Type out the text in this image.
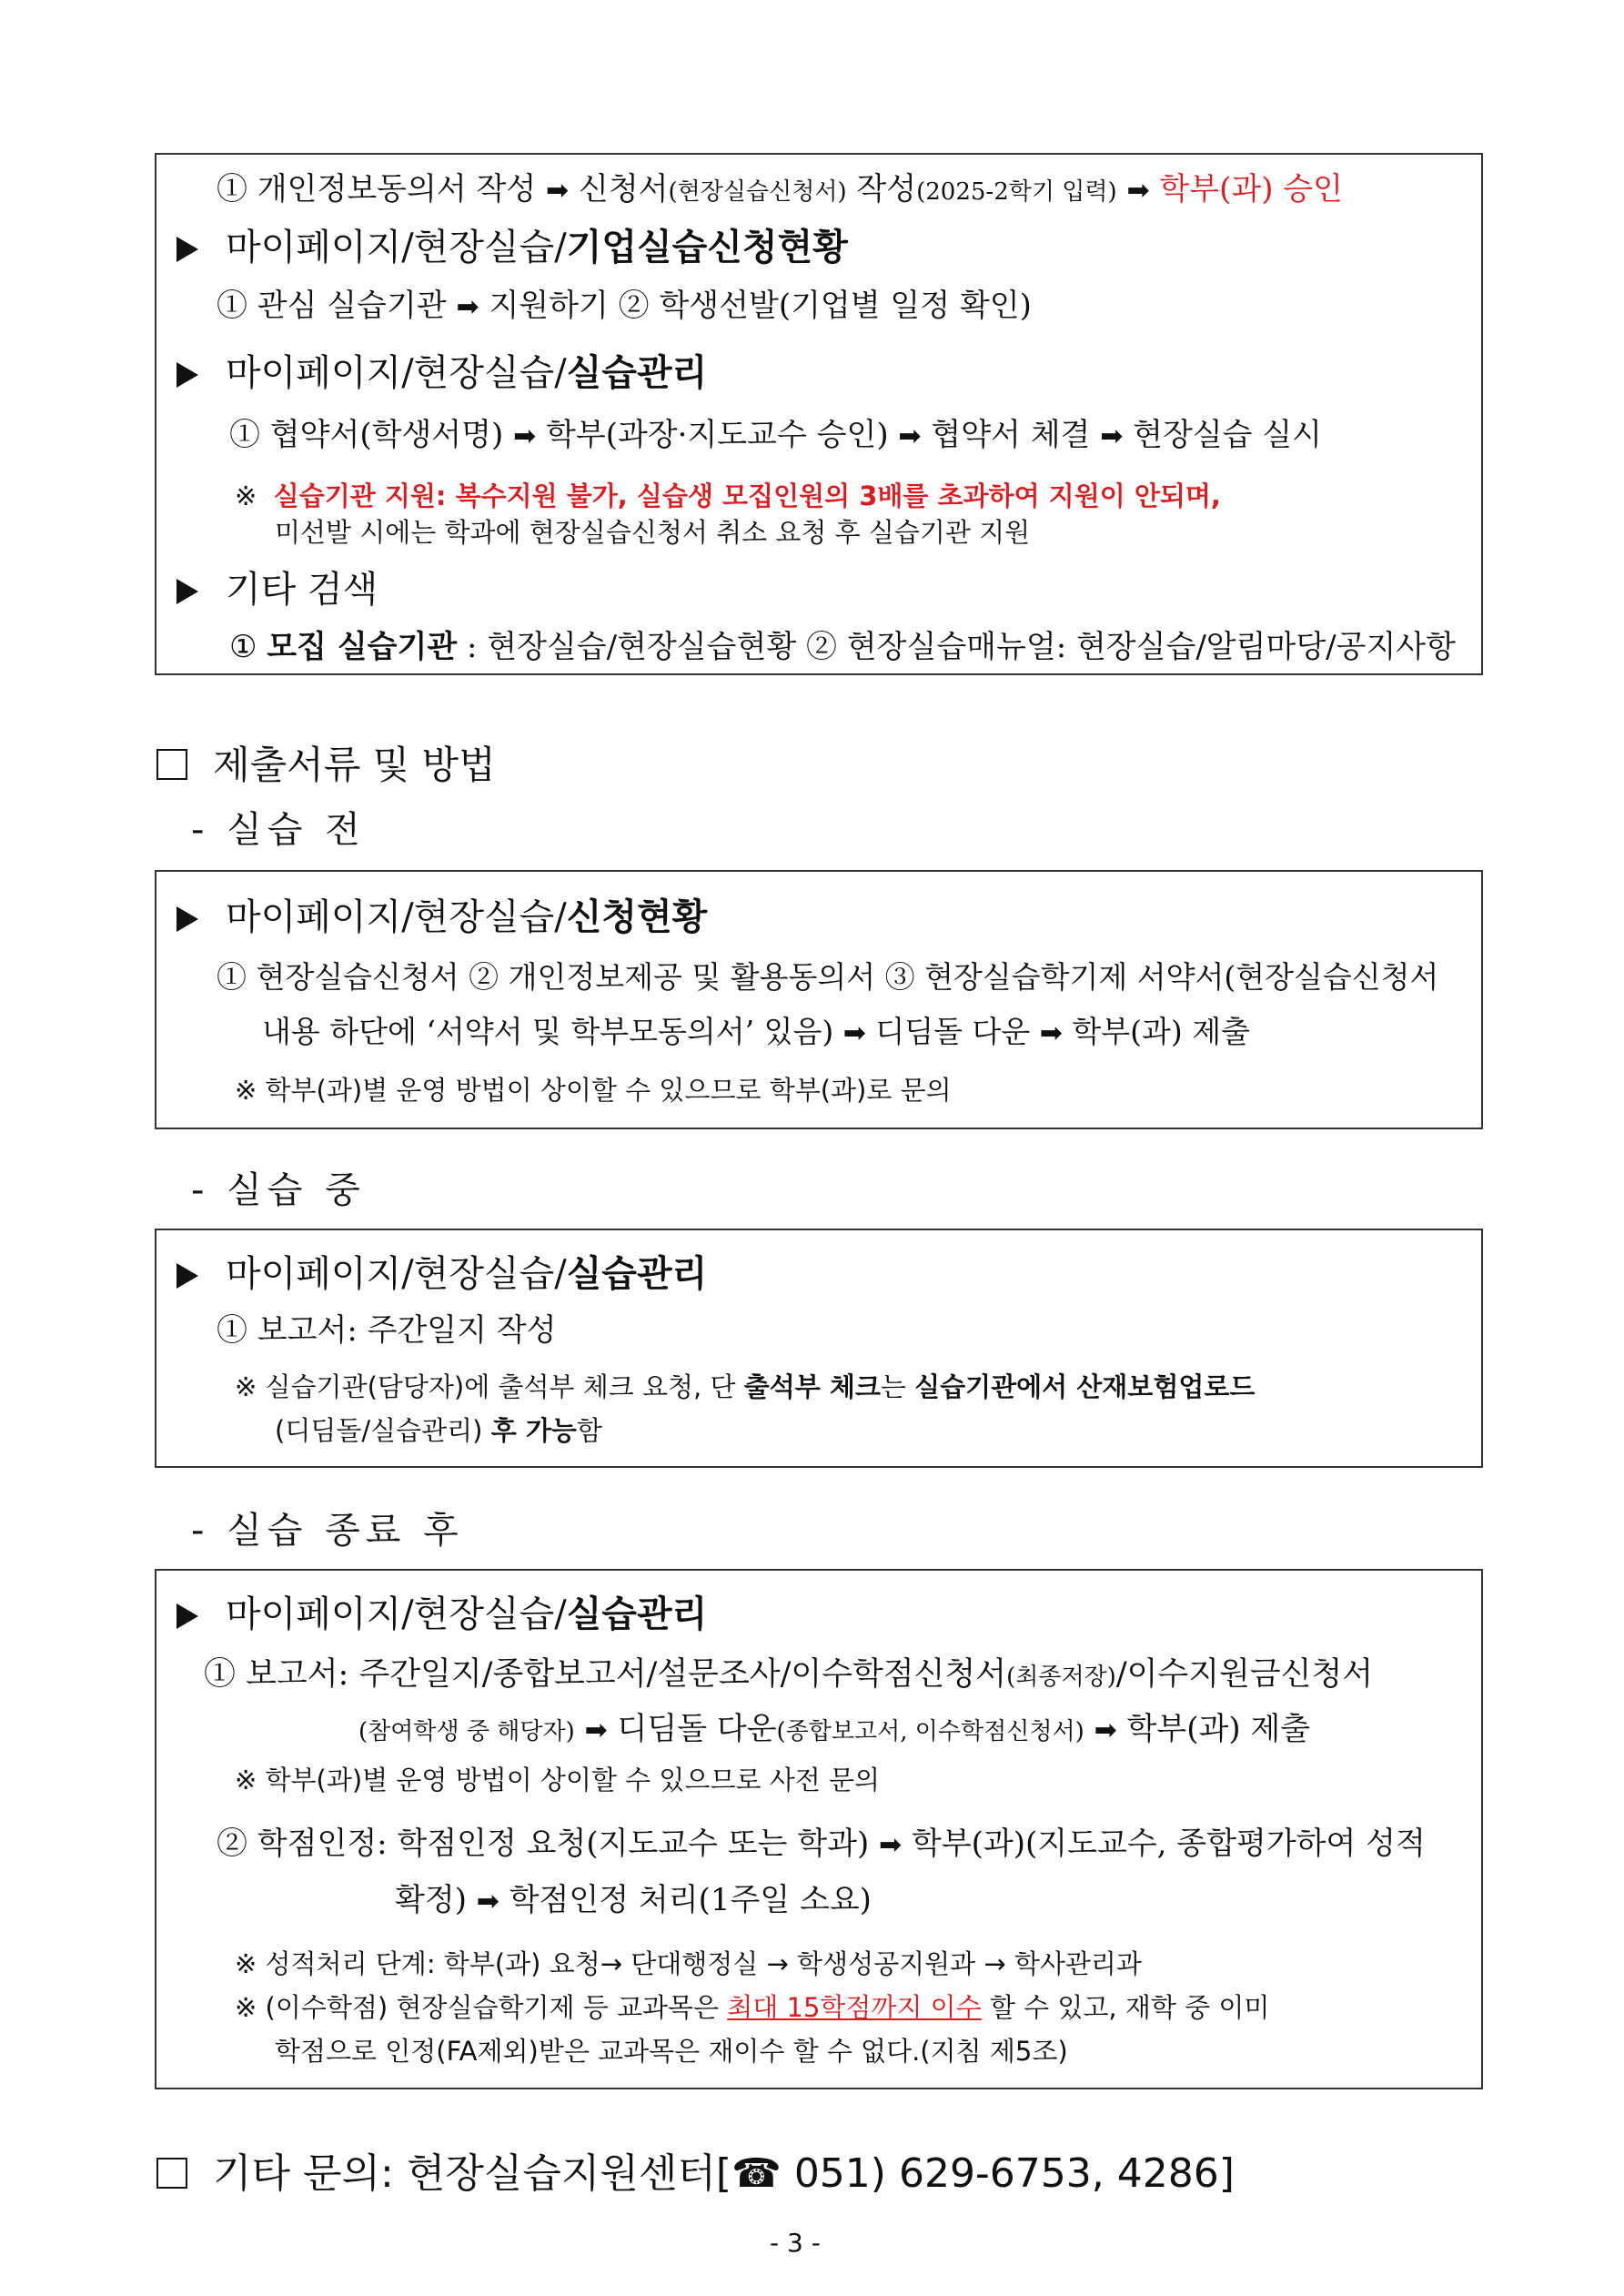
① 개인정보동의서 작성 ➡ 신청서(현장실습신청서) 작성(2025-2학기 입력) ➡ 학부(과) 승인
마이페이지/현장실습/기업실습신청현황
① 관심 실습기관 ➡ 지원하기 ② 학생선발(기업별 일정 확인)
마이페이지/현장실습/실습관리
① 협약서(학생서명) ➡ 학부(과장·지도교수 승인) ➡ 협약서 체결 ➡ 현장실습 실시
※ 실습기관 지원: 복수지원 불가, 실습생 모집인원의 3배를 초과하여 지원이 안되며,
미선발 시에는 학과에 현장실습신청서 취소 요청 후 실습기관 지원
기타 검색
① 모집 실습기관 : 현장실습/현장실습현황 ② 현장실습매뉴얼: 현장실습/알림마당/공지사항
제출서류 및 방법
- 실습 전
마이페이지/현장실습/신청현황
① 현장실습신청서 ② 개인정보제공 및 활용동의서 ③ 현장실습학기제 서약서(현장실습신청서
내용 하단에 ‘서약서 및 학부모동의서’ 있음) ➡ 디딤돌 다운 ➡ 학부(과) 제출
※ 학부(과)별 운영 방법이 상이할 수 있으므로 학부(과)로 문의
- 실습 중
마이페이지/현장실습/실습관리
① 보고서: 주간일지 작성
※ 실습기관(담당자)에 출석부 체크 요청, 단 출석부 체크는 실습기관에서 산재보험업로드
(디딤돌/실습관리) 후 가능함
- 실습 종료 후
마이페이지/현장실습/실습관리
① 보고서: 주간일지/종합보고서/설문조사/이수학점신청서(최종저장)/이수지원금신청서
(참여학생 중 해당자) ➡ 디딤돌 다운(종합보고서, 이수학점신청서) ➡ 학부(과) 제출
※ 학부(과)별 운영 방법이 상이할 수 있으므로 사전 문의
② 학점인정: 학점인정 요청(지도교수 또는 학과) ➡ 학부(과)(지도교수, 종합평가하여 성적
확정) ➡ 학점인정 처리(1주일 소요)
※ 성적처리 단계: 학부(과) 요청→ 단대행정실 → 학생성공지원과 → 학사관리과
※ (이수학점) 현장실습학기제 등 교과목은 최대 15학점까지 이수 할 수 있고, 재학 중 이미
학점으로 인정(FA제외)받은 교과목은 재이수 할 수 없다.(지침 제5조)
기타 문의: 현장실습지원센터[☎ 051) 629-6753, 4286]
- 3 -
